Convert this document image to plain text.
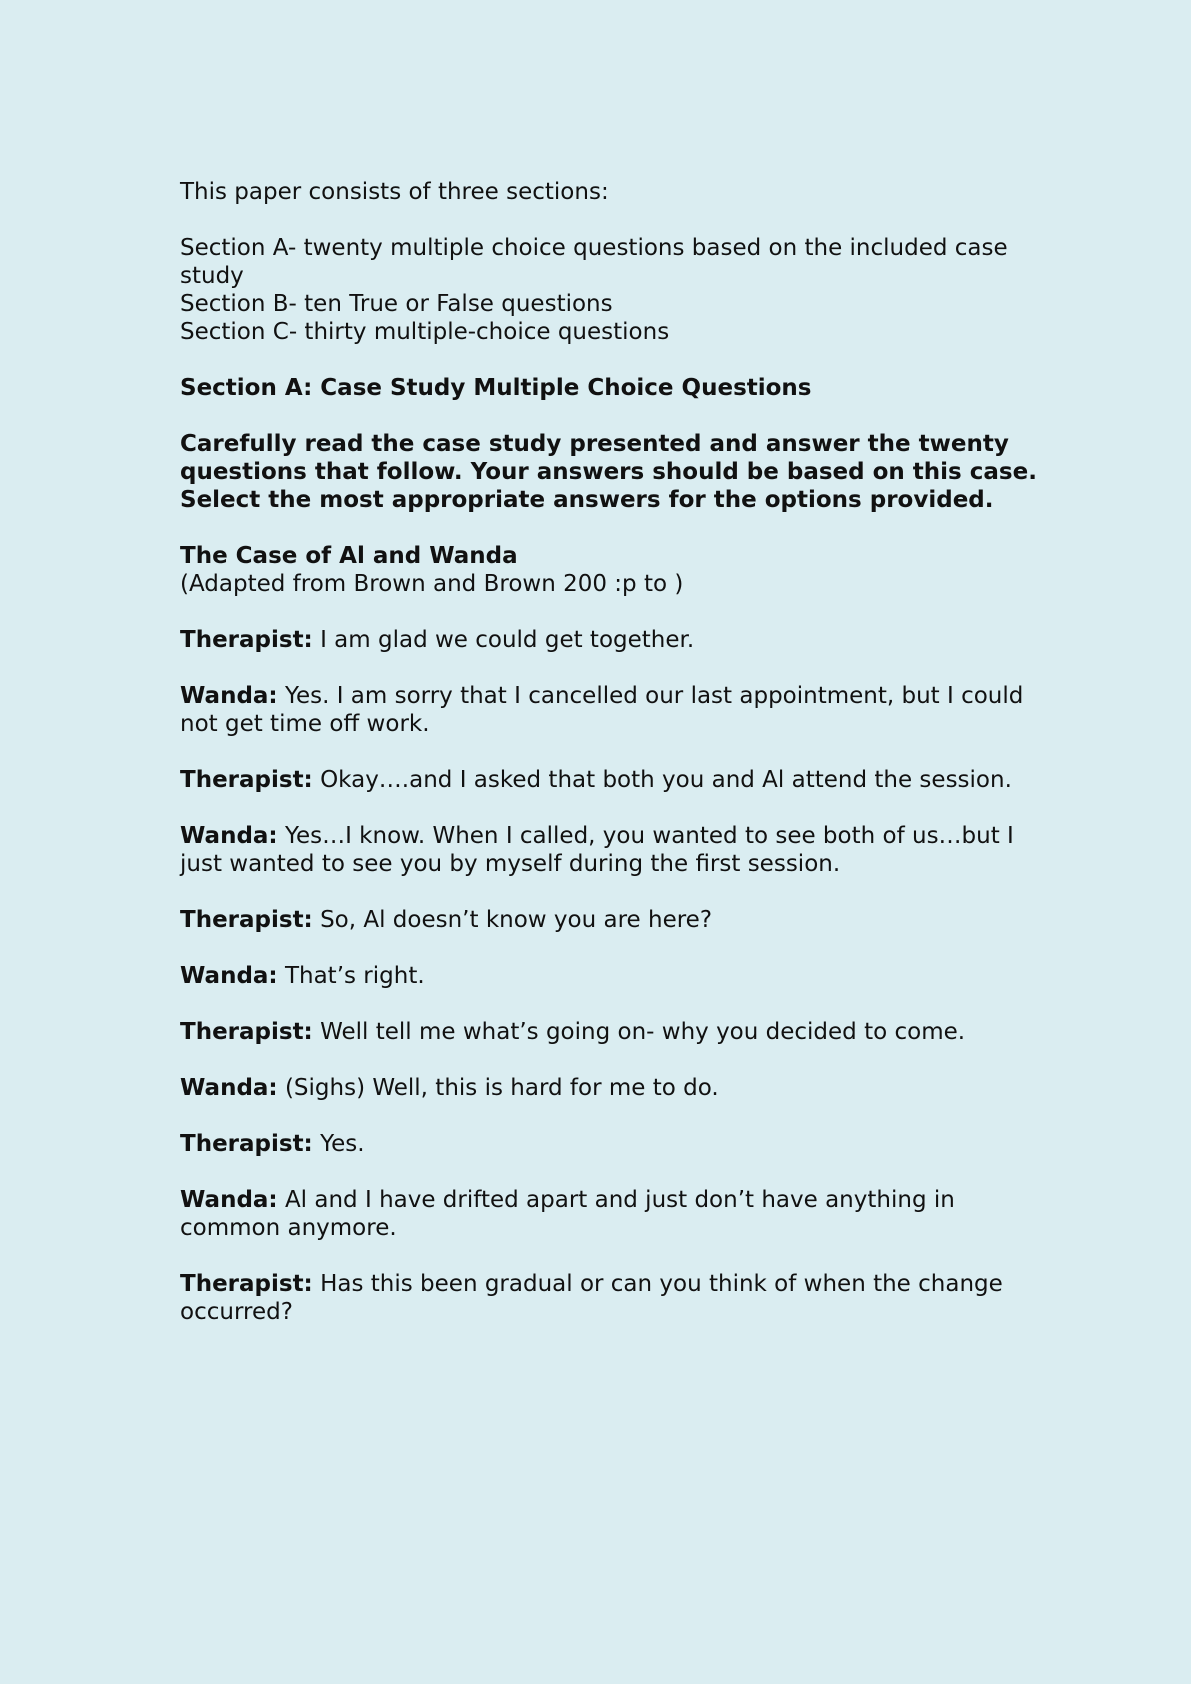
This paper consists of three sections:

Section A- twenty multiple choice questions based on the included case study
Section B- ten True or False questions
Section C- thirty multiple-choice questions

Section A: Case Study Multiple Choice Questions

Carefully read the case study presented and answer the twenty questions that follow. Your answers should be based on this case. Select the most appropriate answers for the options provided.

The Case of Al and Wanda
(Adapted from Brown and Brown 200 :p to )

Therapist: I am glad we could get together.

Wanda: Yes. I am sorry that I cancelled our last appointment, but I could not get time off work.

Therapist: Okay….and I asked that both you and Al attend the session.

Wanda: Yes…I know. When I called, you wanted to see both of us…but I just wanted to see you by myself during the first session.

Therapist: So, Al doesn’t know you are here?

Wanda: That’s right.

Therapist: Well tell me what’s going on- why you decided to come.

Wanda: (Sighs) Well, this is hard for me to do.

Therapist: Yes.

Wanda: Al and I have drifted apart and just don’t have anything in common anymore.

Therapist: Has this been gradual or can you think of when the change occurred?
